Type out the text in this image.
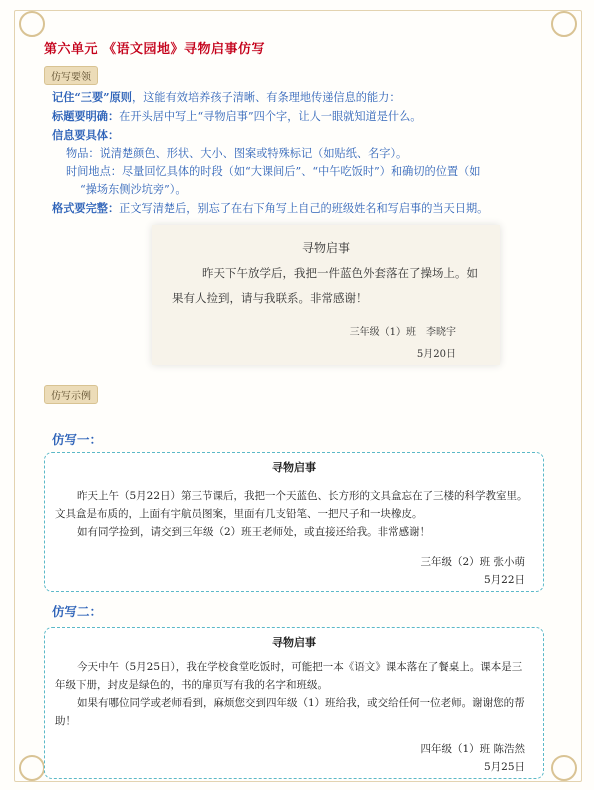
第六单元 《语文园地》寻物启事仿写
仿写要领
记住“三要”原则，这能有效培养孩子清晰、有条理地传递信息的能力：
标题要明确：在开头居中写上“寻物启事”四个字，让人一眼就知道是什么。
信息要具体：
物品：说清楚颜色、形状、大小、图案或特殊标记（如贴纸、名字）。
时间地点：尽量回忆具体的时段（如“大课间后”、“中午吃饭时”）和确切的位置（如
“操场东侧沙坑旁”）。
格式要完整：正文写清楚后，别忘了在右下角写上自己的班级姓名和写启事的当天日期。
寻物启事
昨天下午放学后，我把一件蓝色外套落在了操场上。如果有人捡到，请与我联系。非常感谢！
三年级（1）班　李晓宇
5月20日
仿写示例
仿写一：
寻物启事
昨天上午（5月22日）第三节课后，我把一个天蓝色、长方形的文具盒忘在了三楼的科学教室里。文具盒是布质的，上面有宇航员图案，里面有几支铅笔、一把尺子和一块橡皮。
如有同学捡到，请交到三年级（2）班王老师处，或直接还给我。非常感谢！
三年级（2）班 张小萌
5月22日
仿写二：
寻物启事
今天中午（5月25日），我在学校食堂吃饭时，可能把一本《语文》课本落在了餐桌上。课本是三年级下册，封皮是绿色的，书的扉页写有我的名字和班级。
如果有哪位同学或老师看到，麻烦您交到四年级（1）班给我，或交给任何一位老师。谢谢您的帮助！
四年级（1）班 陈浩然
5月25日
